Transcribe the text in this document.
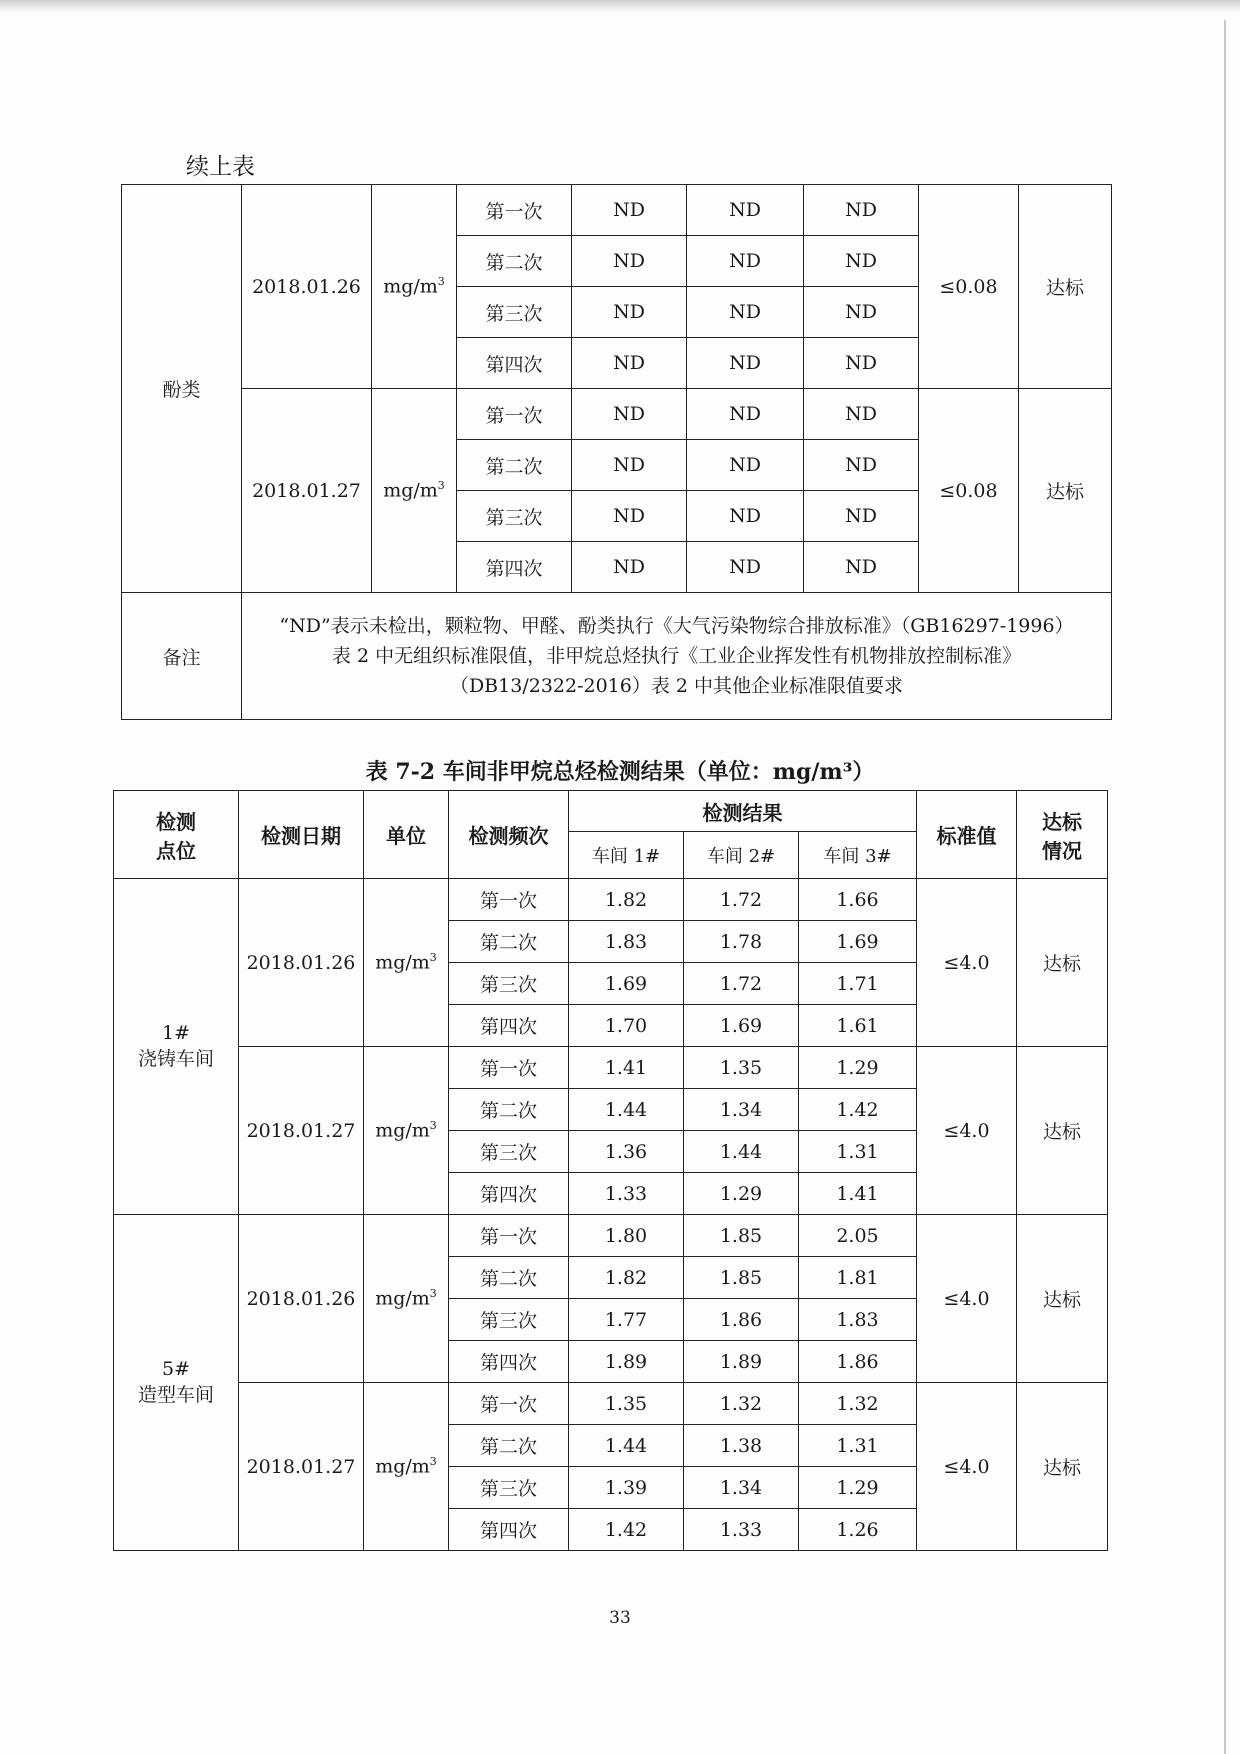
续上表
酚类	2018.01.26	$mg/m^3$	第一次	ND	ND	ND	≤0.08	达标
			第二次	ND	ND	ND		
			第三次	ND	ND	ND		
			第四次	ND	ND	ND		
	2018.01.27	$mg/m^3$	第一次	ND	ND	ND	≤0.08	达标
			第二次	ND	ND	ND		
			第三次	ND	ND	ND		
			第四次	ND	ND	ND		
备注	“ND”表示未检出，颗粒物、甲醛、酚类执行《大气污染物综合排放标准》（GB16297-1996）
表 2 中无组织标准限值，非甲烷总烃执行《工业企业挥发性有机物排放控制标准》
（DB13/2322-2016）表 2 中其他企业标准限值要求							
表 7-2 车间非甲烷总烃检测结果（单位：mg/m³）
检测
点位	检测日期	单位	检测频次	检测结果			标准值	达标
情况
				车间 1#	车间 2#	车间 3#		
1#
浇铸车间	2018.01.26	$mg/m^3$	第一次	1.82	1.72	1.66	≤4.0	达标
			第二次	1.83	1.78	1.69		
			第三次	1.69	1.72	1.71		
			第四次	1.70	1.69	1.61		
	2018.01.27	$mg/m^3$	第一次	1.41	1.35	1.29	≤4.0	达标
			第二次	1.44	1.34	1.42		
			第三次	1.36	1.44	1.31		
			第四次	1.33	1.29	1.41		
5#
造型车间	2018.01.26	$mg/m^3$	第一次	1.80	1.85	2.05	≤4.0	达标
			第二次	1.82	1.85	1.81		
			第三次	1.77	1.86	1.83		
			第四次	1.89	1.89	1.86		
	2018.01.27	$mg/m^3$	第一次	1.35	1.32	1.32	≤4.0	达标
			第二次	1.44	1.38	1.31		
			第三次	1.39	1.34	1.29		
			第四次	1.42	1.33	1.26		
33
